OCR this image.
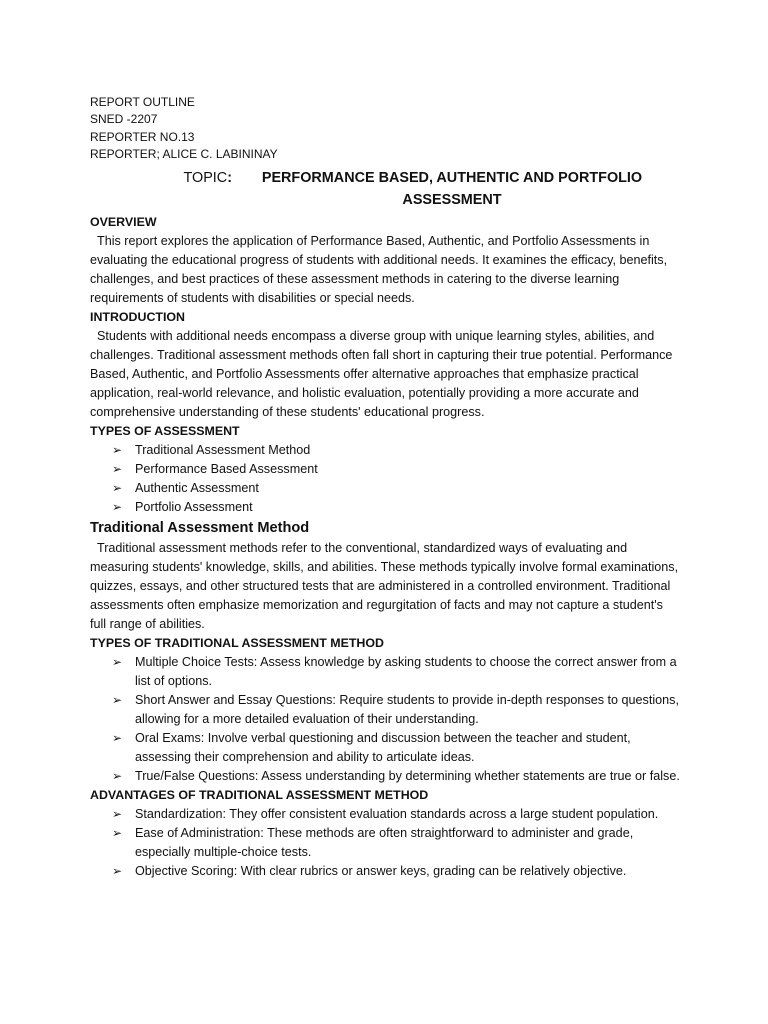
REPORT OUTLINE
SNED -2207
REPORTER NO.13
REPORTER; ALICE C. LABININAY
TOPIC:	PERFORMANCE BASED, AUTHENTIC AND PORTFOLIO ASSESSMENT
OVERVIEW

This report explores the application of Performance Based, Authentic, and Portfolio Assessments in evaluating the educational progress of students with additional needs. It examines the efficacy, benefits, challenges, and best practices of these assessment methods in catering to the diverse learning requirements of students with disabilities or special needs.

INTRODUCTION

Students with additional needs encompass a diverse group with unique learning styles, abilities, and challenges. Traditional assessment methods often fall short in capturing their true potential. Performance Based, Authentic, and Portfolio Assessments offer alternative approaches that emphasize practical application, real-world relevance, and holistic evaluation, potentially providing a more accurate and comprehensive understanding of these students' educational progress.

TYPES OF ASSESSMENT
➢ Traditional Assessment Method
➢ Performance Based Assessment
➢ Authentic Assessment
➢ Portfolio Assessment
Traditional Assessment Method

Traditional assessment methods refer to the conventional, standardized ways of evaluating and measuring students' knowledge, skills, and abilities. These methods typically involve formal examinations, quizzes, essays, and other structured tests that are administered in a controlled environment. Traditional assessments often emphasize memorization and regurgitation of facts and may not capture a student's full range of abilities.

TYPES OF TRADITIONAL ASSESSMENT METHOD
➢ Multiple Choice Tests: Assess knowledge by asking students to choose the correct answer from a list of options.
➢ Short Answer and Essay Questions: Require students to provide in-depth responses to questions, allowing for a more detailed evaluation of their understanding.
➢ Oral Exams: Involve verbal questioning and discussion between the teacher and student, assessing their comprehension and ability to articulate ideas.
➢ True/False Questions: Assess understanding by determining whether statements are true or false.
ADVANTAGES OF TRADITIONAL ASSESSMENT METHOD
➢ Standardization: They offer consistent evaluation standards across a large student population.
➢ Ease of Administration: These methods are often straightforward to administer and grade, especially multiple-choice tests.
➢ Objective Scoring: With clear rubrics or answer keys, grading can be relatively objective.
